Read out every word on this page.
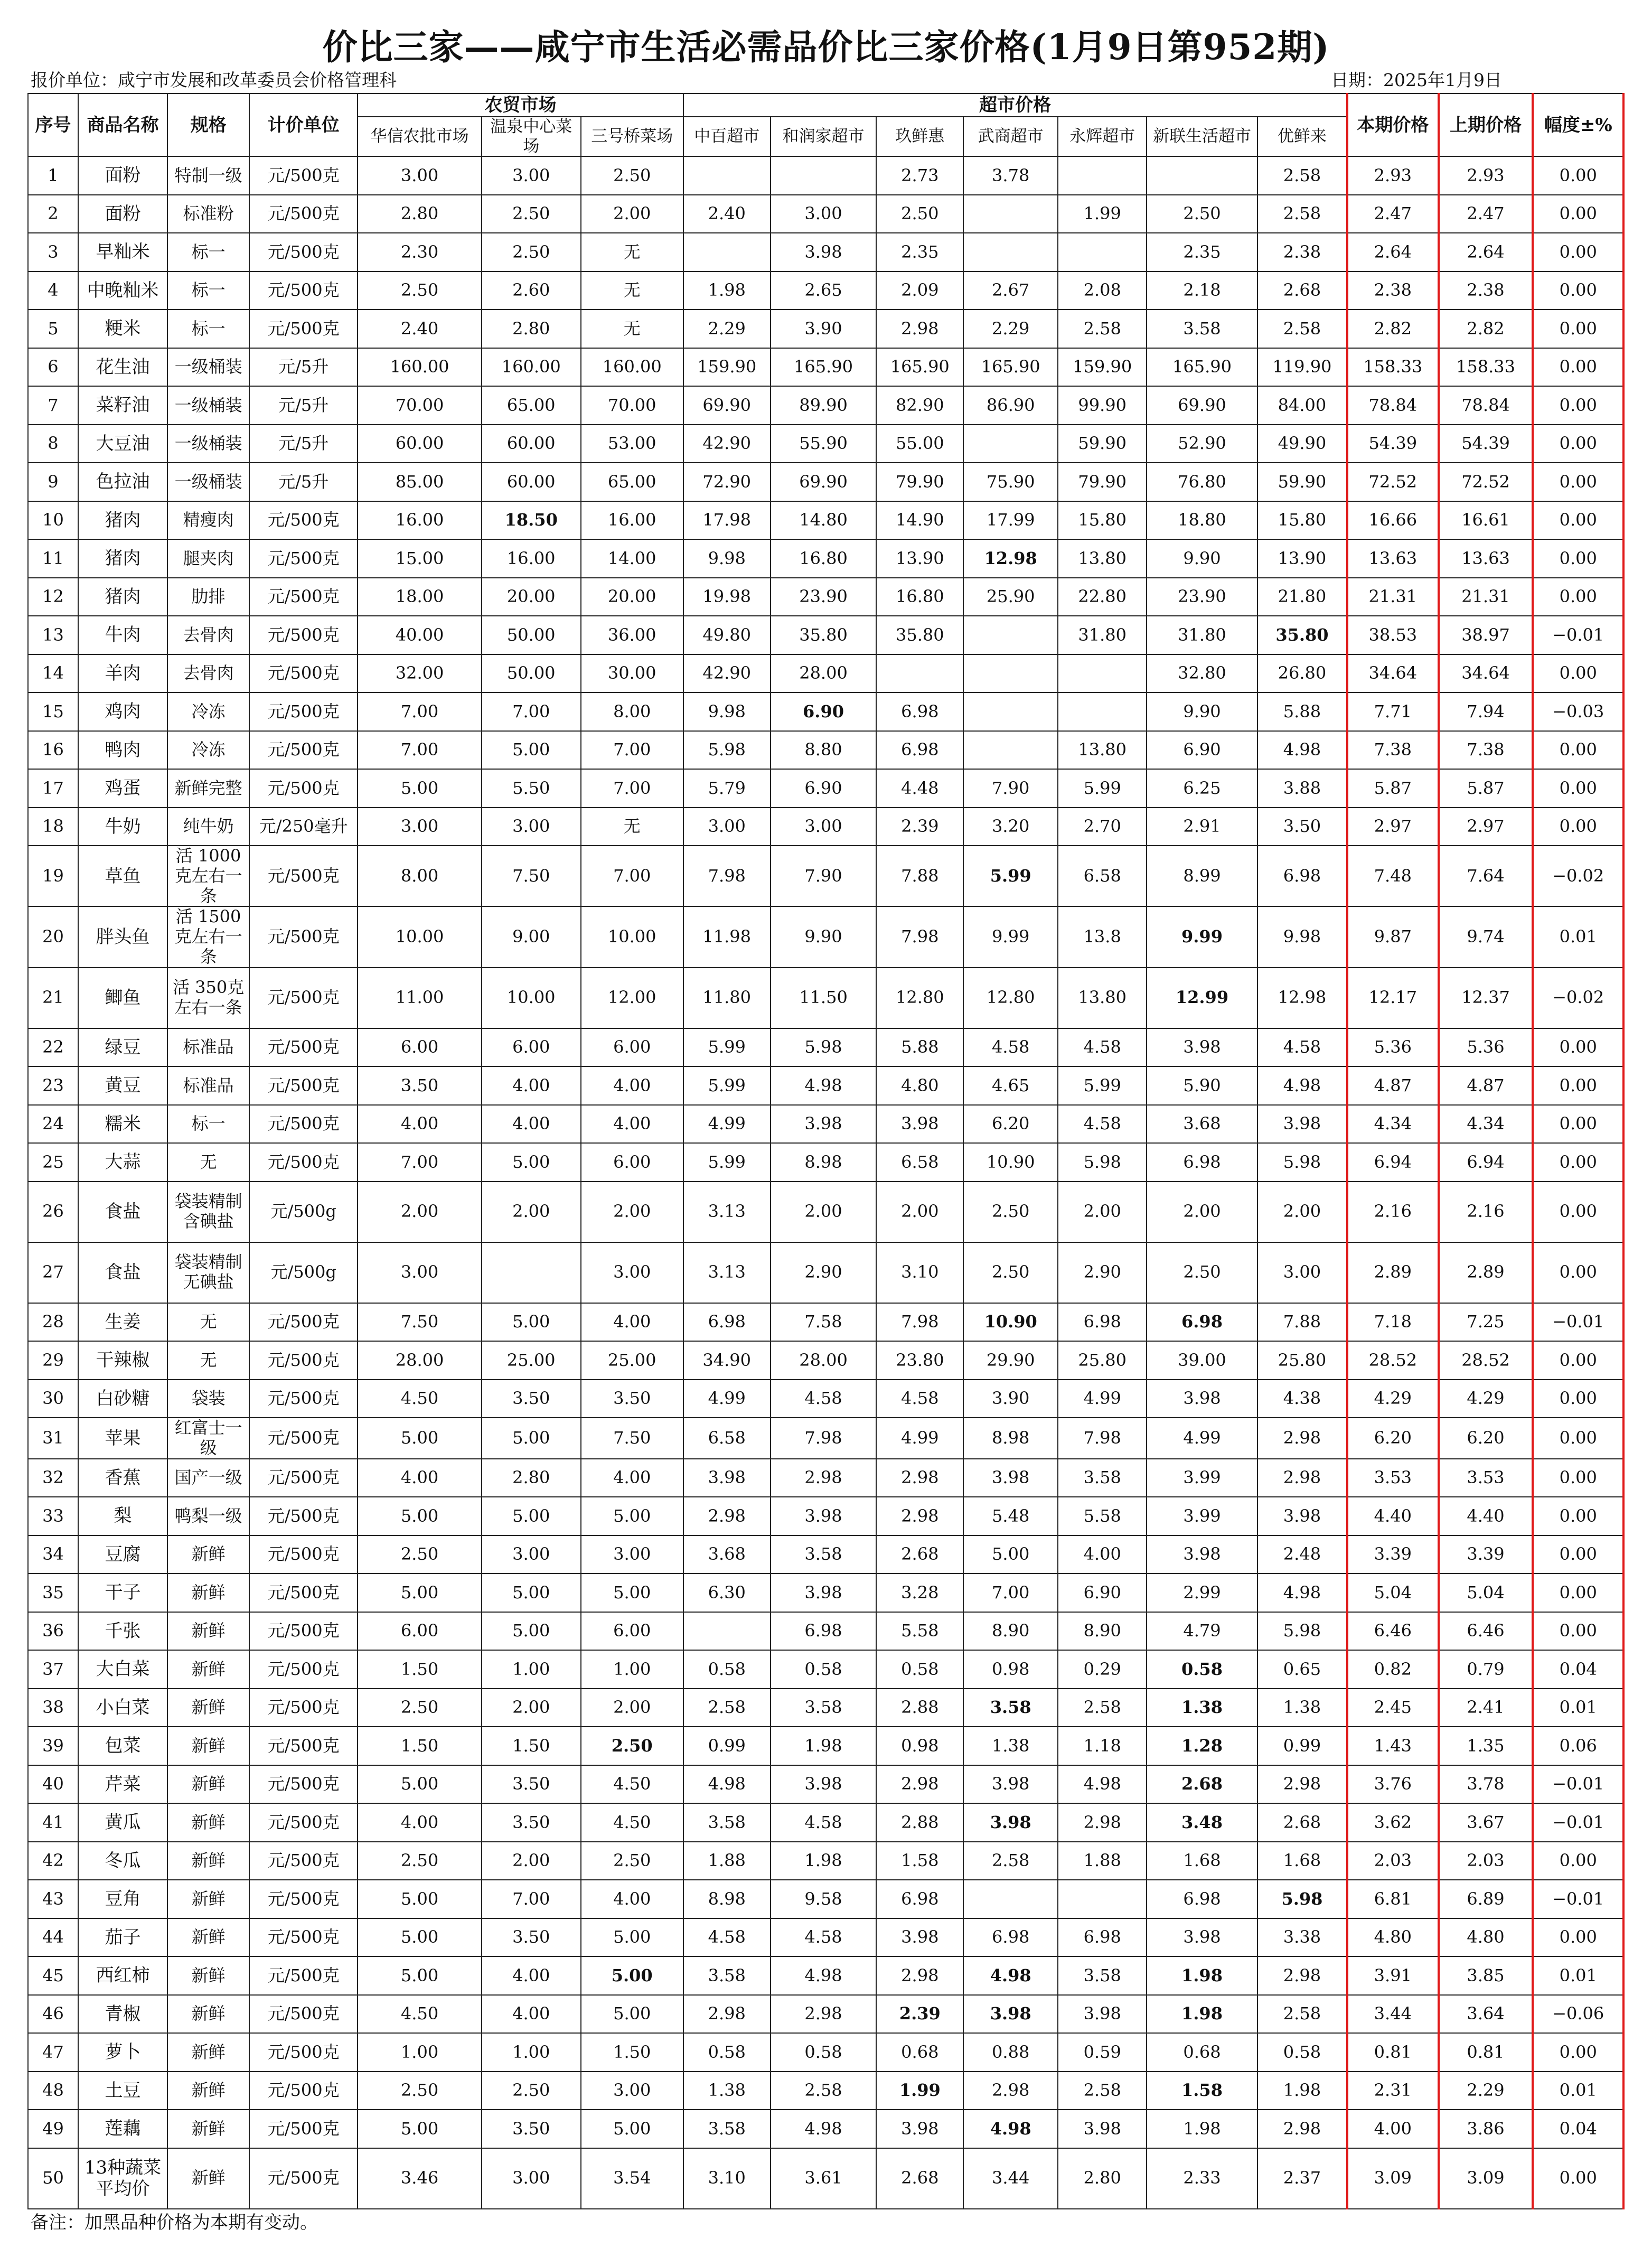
价比三家——咸宁市生活必需品价比三家价格(1月9日第952期)
报价单位：咸宁市发展和改革委员会价格管理科	日期：2025年1月9日
序号	商品名称	规格	计价单位	农贸市场			超市价格							本期价格	上期价格	幅度±%
				华信农批市场	温泉中心菜场	三号桥菜场	中百超市	和润家超市	玖鲜惠	武商超市	永辉超市	新联生活超市	优鲜来			
1	面粉	特制一级	元/500克	3.00	3.00	2.50			2.73	3.78			2.58	2.93	2.93	0.00
2	面粉	标准粉	元/500克	2.80	2.50	2.00	2.40	3.00	2.50		1.99	2.50	2.58	2.47	2.47	0.00
3	早籼米	标一	元/500克	2.30	2.50	无		3.98	2.35			2.35	2.38	2.64	2.64	0.00
4	中晚籼米	标一	元/500克	2.50	2.60	无	1.98	2.65	2.09	2.67	2.08	2.18	2.68	2.38	2.38	0.00
5	粳米	标一	元/500克	2.40	2.80	无	2.29	3.90	2.98	2.29	2.58	3.58	2.58	2.82	2.82	0.00
6	花生油	一级桶装	元/5升	160.00	160.00	160.00	159.90	165.90	165.90	165.90	159.90	165.90	119.90	158.33	158.33	0.00
7	菜籽油	一级桶装	元/5升	70.00	65.00	70.00	69.90	89.90	82.90	86.90	99.90	69.90	84.00	78.84	78.84	0.00
8	大豆油	一级桶装	元/5升	60.00	60.00	53.00	42.90	55.90	55.00		59.90	52.90	49.90	54.39	54.39	0.00
9	色拉油	一级桶装	元/5升	85.00	60.00	65.00	72.90	69.90	79.90	75.90	79.90	76.80	59.90	72.52	72.52	0.00
10	猪肉	精瘦肉	元/500克	16.00	18.50	16.00	17.98	14.80	14.90	17.99	15.80	18.80	15.80	16.66	16.61	0.00
11	猪肉	腿夹肉	元/500克	15.00	16.00	14.00	9.98	16.80	13.90	12.98	13.80	9.90	13.90	13.63	13.63	0.00
12	猪肉	肋排	元/500克	18.00	20.00	20.00	19.98	23.90	16.80	25.90	22.80	23.90	21.80	21.31	21.31	0.00
13	牛肉	去骨肉	元/500克	40.00	50.00	36.00	49.80	35.80	35.80		31.80	31.80	35.80	38.53	38.97	−0.01
14	羊肉	去骨肉	元/500克	32.00	50.00	30.00	42.90	28.00				32.80	26.80	34.64	34.64	0.00
15	鸡肉	冷冻	元/500克	7.00	7.00	8.00	9.98	6.90	6.98			9.90	5.88	7.71	7.94	−0.03
16	鸭肉	冷冻	元/500克	7.00	5.00	7.00	5.98	8.80	6.98		13.80	6.90	4.98	7.38	7.38	0.00
17	鸡蛋	新鲜完整	元/500克	5.00	5.50	7.00	5.79	6.90	4.48	7.90	5.99	6.25	3.88	5.87	5.87	0.00
18	牛奶	纯牛奶	元/250毫升	3.00	3.00	无	3.00	3.00	2.39	3.20	2.70	2.91	3.50	2.97	2.97	0.00
19	草鱼	活 1000克左右一条	元/500克	8.00	7.50	7.00	7.98	7.90	7.88	5.99	6.58	8.99	6.98	7.48	7.64	−0.02
20	胖头鱼	活 1500克左右一条	元/500克	10.00	9.00	10.00	11.98	9.90	7.98	9.99	13.8	9.99	9.98	9.87	9.74	0.01
21	鲫鱼	活 350克左右一条	元/500克	11.00	10.00	12.00	11.80	11.50	12.80	12.80	13.80	12.99	12.98	12.17	12.37	−0.02
22	绿豆	标准品	元/500克	6.00	6.00	6.00	5.99	5.98	5.88	4.58	4.58	3.98	4.58	5.36	5.36	0.00
23	黄豆	标准品	元/500克	3.50	4.00	4.00	5.99	4.98	4.80	4.65	5.99	5.90	4.98	4.87	4.87	0.00
24	糯米	标一	元/500克	4.00	4.00	4.00	4.99	3.98	3.98	6.20	4.58	3.68	3.98	4.34	4.34	0.00
25	大蒜	无	元/500克	7.00	5.00	6.00	5.99	8.98	6.58	10.90	5.98	6.98	5.98	6.94	6.94	0.00
26	食盐	袋装精制含碘盐	元/500g	2.00	2.00	2.00	3.13	2.00	2.00	2.50	2.00	2.00	2.00	2.16	2.16	0.00
27	食盐	袋装精制无碘盐	元/500g	3.00		3.00	3.13	2.90	3.10	2.50	2.90	2.50	3.00	2.89	2.89	0.00
28	生姜	无	元/500克	7.50	5.00	4.00	6.98	7.58	7.98	10.90	6.98	6.98	7.88	7.18	7.25	−0.01
29	干辣椒	无	元/500克	28.00	25.00	25.00	34.90	28.00	23.80	29.90	25.80	39.00	25.80	28.52	28.52	0.00
30	白砂糖	袋装	元/500克	4.50	3.50	3.50	4.99	4.58	4.58	3.90	4.99	3.98	4.38	4.29	4.29	0.00
31	苹果	红富士一级	元/500克	5.00	5.00	7.50	6.58	7.98	4.99	8.98	7.98	4.99	2.98	6.20	6.20	0.00
32	香蕉	国产一级	元/500克	4.00	2.80	4.00	3.98	2.98	2.98	3.98	3.58	3.99	2.98	3.53	3.53	0.00
33	梨	鸭梨一级	元/500克	5.00	5.00	5.00	2.98	3.98	2.98	5.48	5.58	3.99	3.98	4.40	4.40	0.00
34	豆腐	新鲜	元/500克	2.50	3.00	3.00	3.68	3.58	2.68	5.00	4.00	3.98	2.48	3.39	3.39	0.00
35	干子	新鲜	元/500克	5.00	5.00	5.00	6.30	3.98	3.28	7.00	6.90	2.99	4.98	5.04	5.04	0.00
36	千张	新鲜	元/500克	6.00	5.00	6.00		6.98	5.58	8.90	8.90	4.79	5.98	6.46	6.46	0.00
37	大白菜	新鲜	元/500克	1.50	1.00	1.00	0.58	0.58	0.58	0.98	0.29	0.58	0.65	0.82	0.79	0.04
38	小白菜	新鲜	元/500克	2.50	2.00	2.00	2.58	3.58	2.88	3.58	2.58	1.38	1.38	2.45	2.41	0.01
39	包菜	新鲜	元/500克	1.50	1.50	2.50	0.99	1.98	0.98	1.38	1.18	1.28	0.99	1.43	1.35	0.06
40	芹菜	新鲜	元/500克	5.00	3.50	4.50	4.98	3.98	2.98	3.98	4.98	2.68	2.98	3.76	3.78	−0.01
41	黄瓜	新鲜	元/500克	4.00	3.50	4.50	3.58	4.58	2.88	3.98	2.98	3.48	2.68	3.62	3.67	−0.01
42	冬瓜	新鲜	元/500克	2.50	2.00	2.50	1.88	1.98	1.58	2.58	1.88	1.68	1.68	2.03	2.03	0.00
43	豆角	新鲜	元/500克	5.00	7.00	4.00	8.98	9.58	6.98			6.98	5.98	6.81	6.89	−0.01
44	茄子	新鲜	元/500克	5.00	3.50	5.00	4.58	4.58	3.98	6.98	6.98	3.98	3.38	4.80	4.80	0.00
45	西红柿	新鲜	元/500克	5.00	4.00	5.00	3.58	4.98	2.98	4.98	3.58	1.98	2.98	3.91	3.85	0.01
46	青椒	新鲜	元/500克	4.50	4.00	5.00	2.98	2.98	2.39	3.98	3.98	1.98	2.58	3.44	3.64	−0.06
47	萝卜	新鲜	元/500克	1.00	1.00	1.50	0.58	0.58	0.68	0.88	0.59	0.68	0.58	0.81	0.81	0.00
48	土豆	新鲜	元/500克	2.50	2.50	3.00	1.38	2.58	1.99	2.98	2.58	1.58	1.98	2.31	2.29	0.01
49	莲藕	新鲜	元/500克	5.00	3.50	5.00	3.58	4.98	3.98	4.98	3.98	1.98	2.98	4.00	3.86	0.04
50	13种蔬菜平均价	新鲜	元/500克	3.46	3.00	3.54	3.10	3.61	2.68	3.44	2.80	2.33	2.37	3.09	3.09	0.00
备注：加黑品种价格为本期有变动。
